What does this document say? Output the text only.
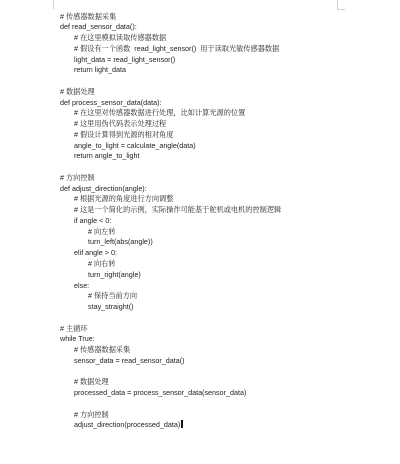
# 传感器数据采集
def read_sensor_data():
# 在这里模拟读取传感器数据
# 假设有一个函数  read_light_sensor()  用于读取光敏传感器数据
light_data = read_light_sensor()
return light_data
# 数据处理
def process_sensor_data(data):
# 在这里对传感器数据进行处理，比如计算光源的位置
# 这里用伪代码表示处理过程
# 假设计算得到光源的相对角度
angle_to_light = calculate_angle(data)
return angle_to_light
# 方向控制
def adjust_direction(angle):
# 根据光源的角度进行方向调整
# 这是一个简化的示例，实际操作可能基于舵机或电机的控制逻辑
if angle < 0:
# 向左转
turn_left(abs(angle))
elif angle > 0:
# 向右转
turn_right(angle)
else:
# 保持当前方向
stay_straight()
# 主循环
while True:
# 传感器数据采集
sensor_data = read_sensor_data()
# 数据处理
processed_data = process_sensor_data(sensor_data)
# 方向控制
adjust_direction(processed_data)
